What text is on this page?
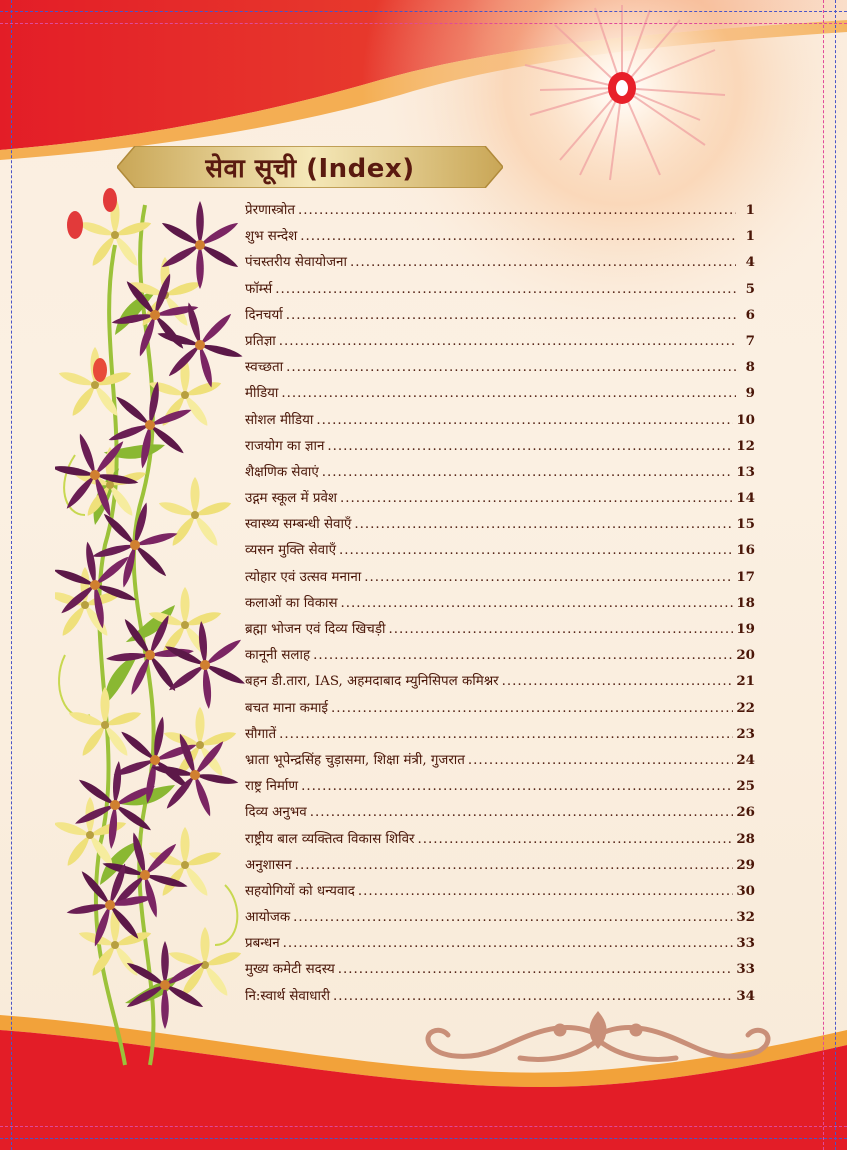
सेवा सूची (Index)
प्रेरणास्त्रोत .....	1
शुभ सन्देश .....	1
पंचस्तरीय सेवायोजना .....	4
फॉर्म्स .....	5
दिनचर्या .....	6
प्रतिज्ञा .....	7
स्वच्छता .....	8
मीडिया .....	9
सोशल मीडिया .....	10
राजयोग का ज्ञान .....	12
शैक्षणिक सेवाएं .....	13
उद्गम स्कूल में प्रवेश .....	14
स्वास्थ्य सम्बन्धी सेवाएँ .....	15
व्यसन मुक्ति सेवाएँ .....	16
त्योहार एवं उत्सव मनाना .....	17
कलाओं का विकास .....	18
ब्रह्मा भोजन एवं दिव्य खिचड़ी .....	19
कानूनी सलाह .....	20
बहन डी.तारा, IAS, अहमदाबाद म्युनिसिपल कमिश्नर .....	21
बचत माना कमाई .....	22
सौगातें .....	23
भ्राता भूपेन्द्रसिंह चुड़ासमा, शिक्षा मंत्री, गुजरात .....	24
राष्ट्र निर्माण .....	25
दिव्य अनुभव .....	26
राष्ट्रीय बाल व्यक्तित्व विकास शिविर .....	28
अनुशासन .....	29
सहयोगियों को धन्यवाद .....	30
आयोजक .....	32
प्रबन्धन .....	33
मुख्य कमेटी सदस्य .....	33
नि:स्वार्थ सेवाधारी .....	34
